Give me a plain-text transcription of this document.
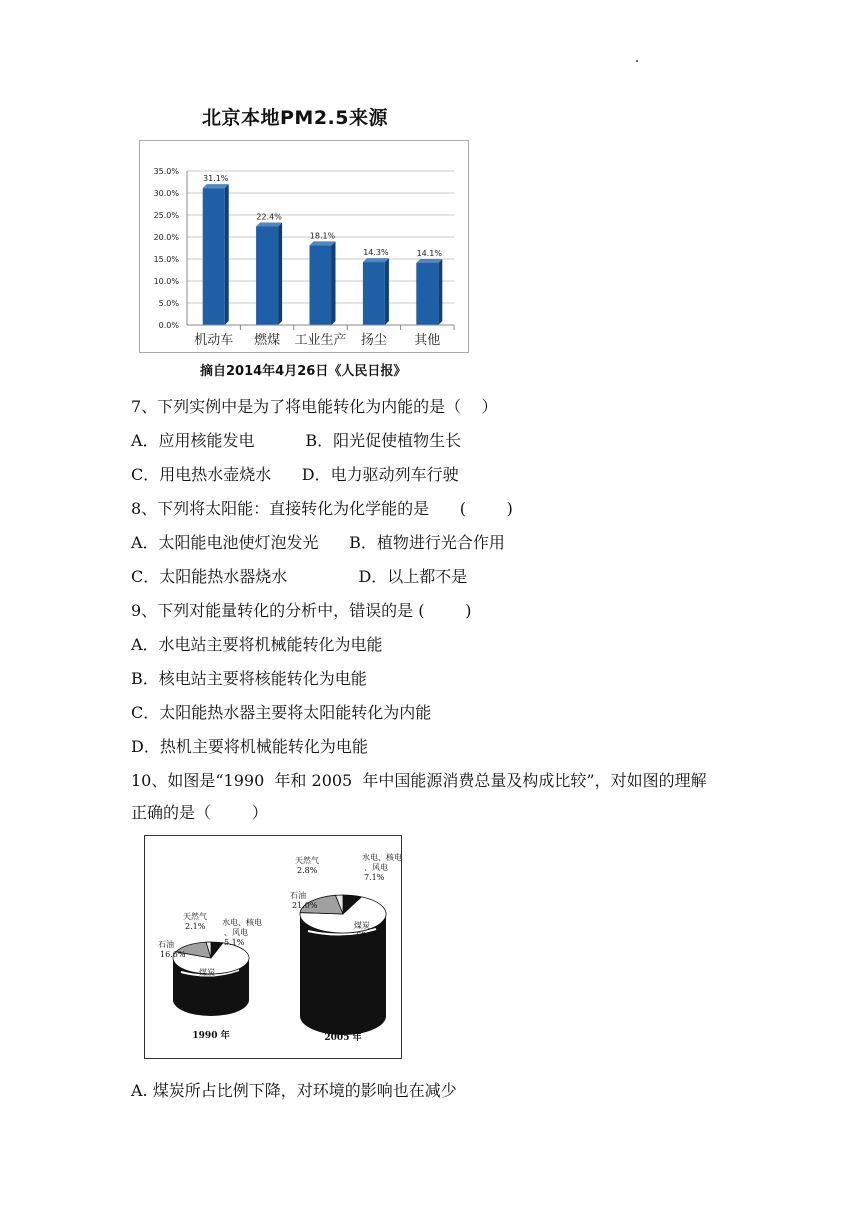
北京本地PM2.5来源
0.0%
5.0%
10.0%
15.0%
20.0%
25.0%
30.0%
35.0%
31.1%
机动车
22.4%
燃煤
18.1%
工业生产
14.3%
扬尘
14.1%
其他
摘自2014年4月26日《人民日报》
7、下列实例中是为了将电能转化为内能的是（    ）
A．应用核能发电          B．阳光促使植物生长
C．用电热水壶烧水      D．电力驱动列车行驶
8、下列将太阳能：直接转化为化学能的是      (        )
A．太阳能电池使灯泡发光      B．植物进行光合作用
C．太阳能热水器烧水              D．以上都不是
9、下列对能量转化的分析中，错误的是 (        )
A．水电站主要将机械能转化为电能
B．核电站主要将核能转化为电能
C．太阳能热水器主要将太阳能转化为内能
D．热机主要将机械能转化为电能
10、如图是“1990  年和 2005  年中国能源消费总量及构成比较”，对如图的理解
正确的是（        ）
煤炭 76.2%
石油 16.6%
天然气 2.1% 水电、核电、风电 5.1%
1990 年
煤炭 69.1%
石油 21.0%
天然气 2.8%
水电、核电、风电 7.1%
2005 年
A. 煤炭所占比例下降，对环境的影响也在减少
